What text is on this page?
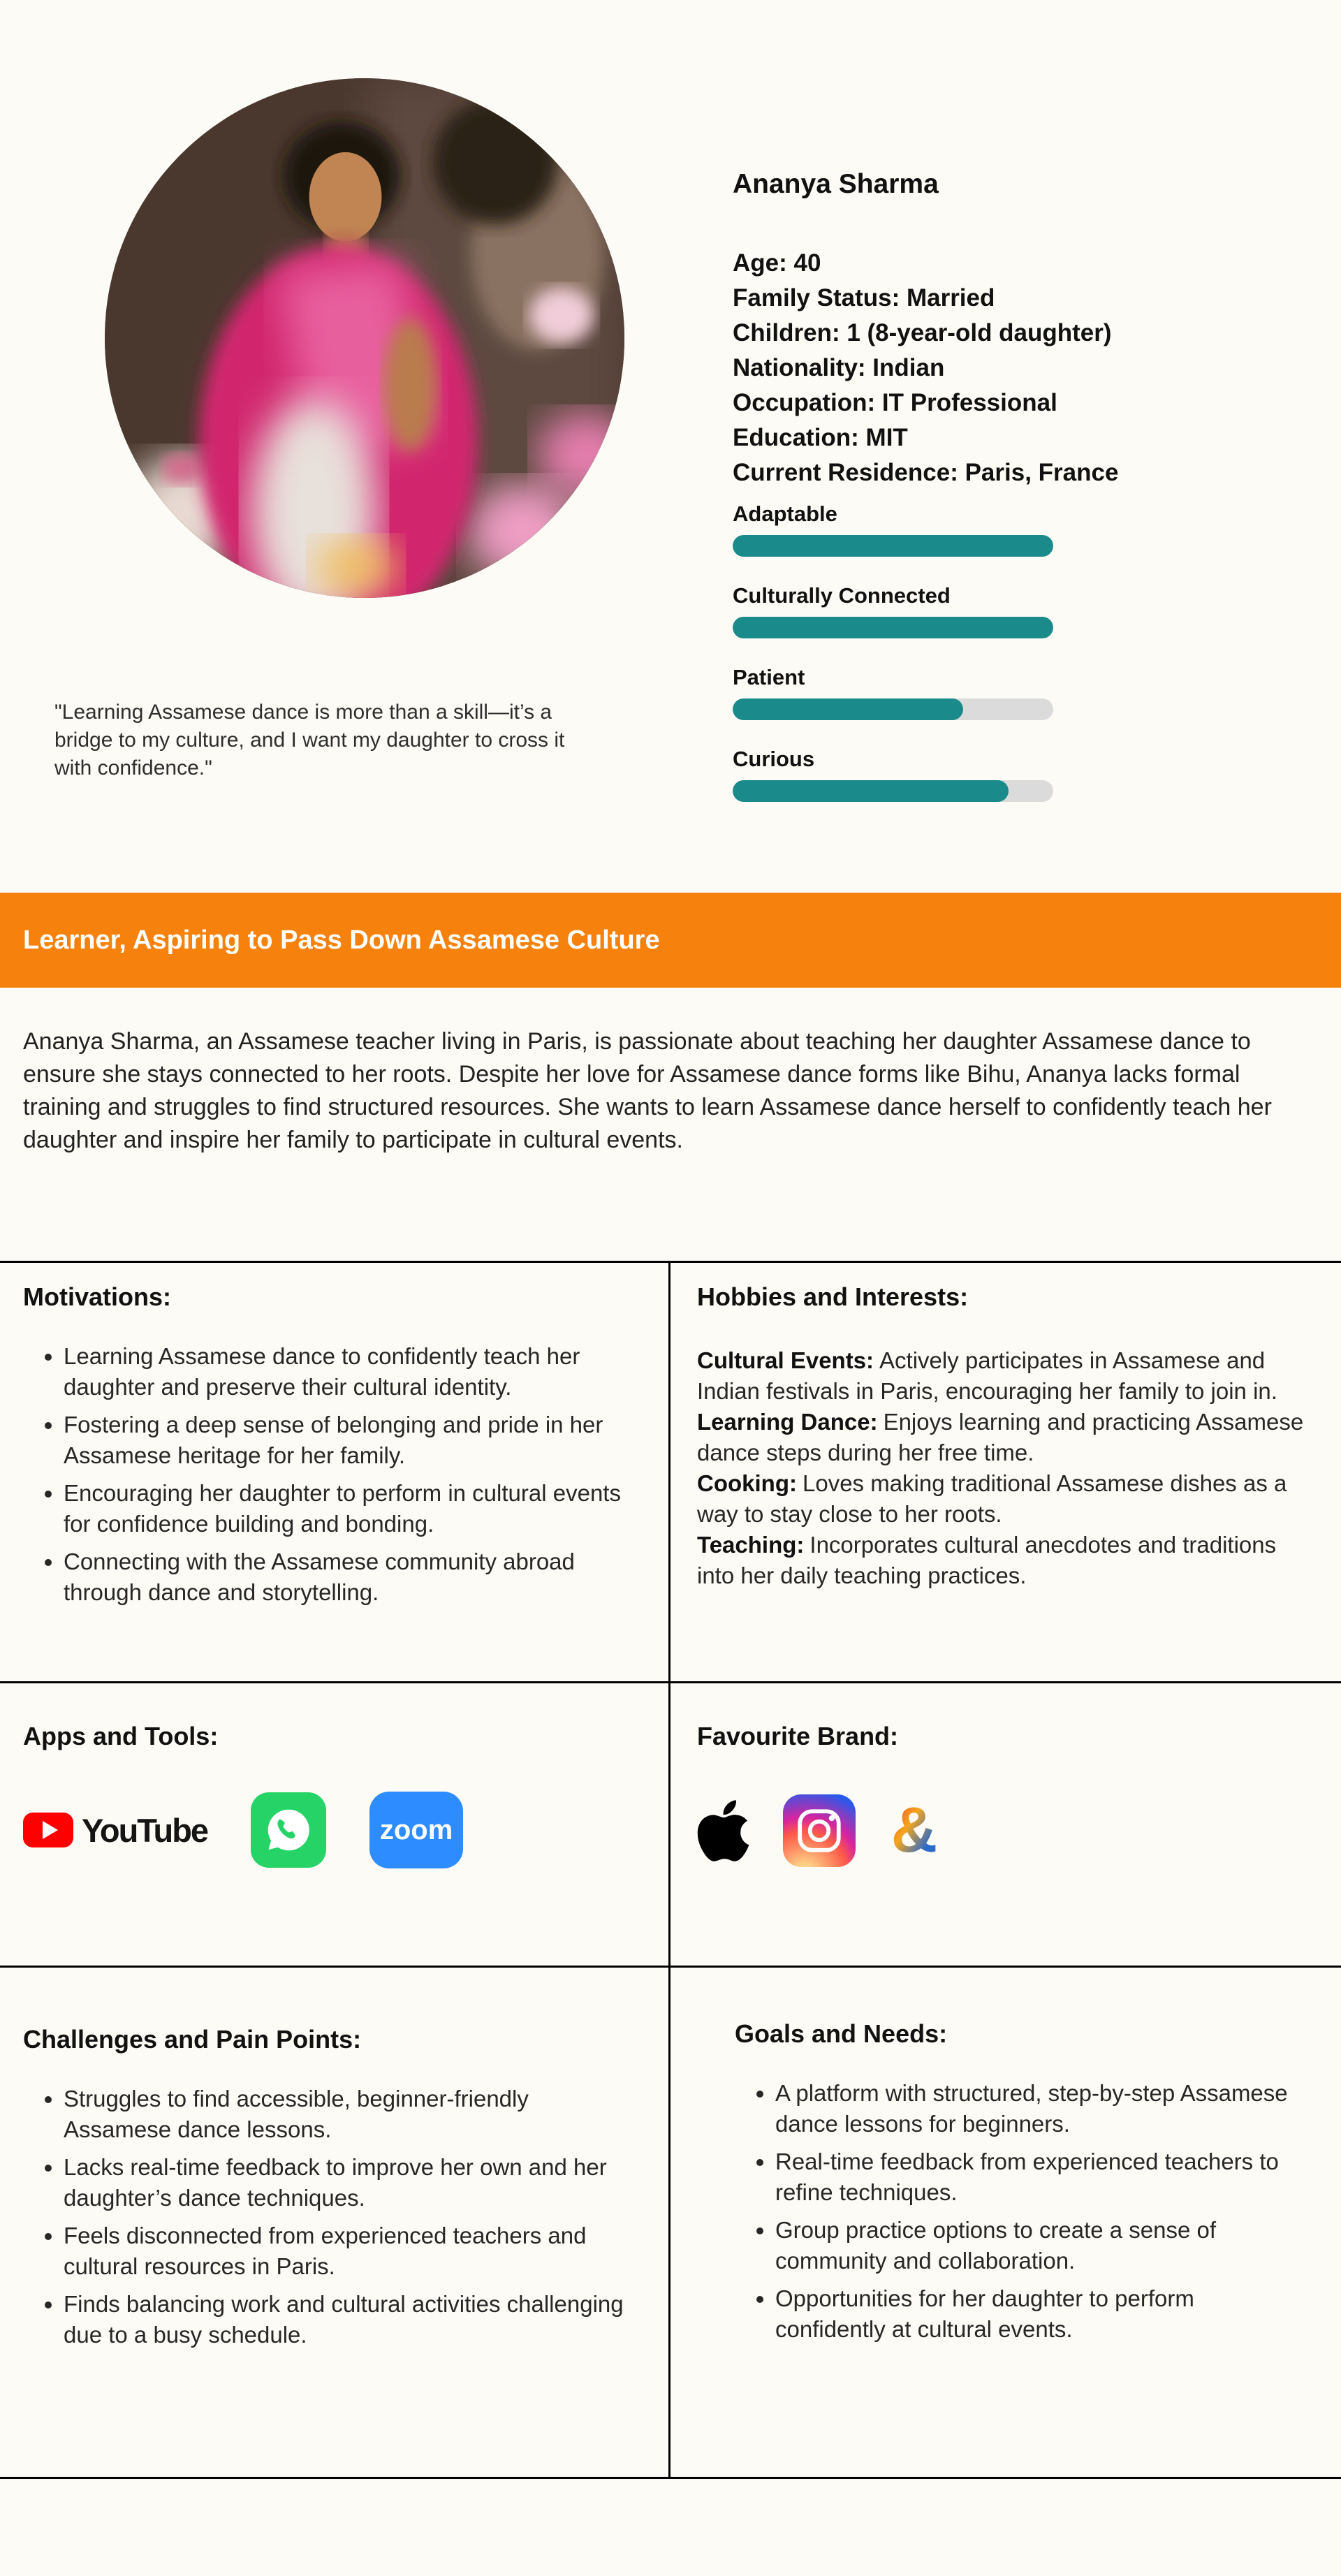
"Learning Assamese dance is more than a skill—it’s a bridge to my culture, and I want my daughter to cross it with confidence."
Ananya Sharma
Age: 40
Family Status: Married
Children: 1 (8-year-old daughter)
Nationality: Indian
Occupation: IT Professional
Education: MIT
Current Residence: Paris, France
Adaptable
Culturally Connected
Patient
Curious
Learner, Aspiring to Pass Down Assamese Culture
Ananya Sharma, an Assamese teacher living in Paris, is passionate about teaching her daughter Assamese dance to ensure she stays connected to her roots. Despite her love for Assamese dance forms like Bihu, Ananya lacks formal training and struggles to find structured resources. She wants to learn Assamese dance herself to confidently teach her daughter and inspire her family to participate in cultural events.
Motivations:
• Learning Assamese dance to confidently teach her daughter and preserve their cultural identity.
• Fostering a deep sense of belonging and pride in her Assamese heritage for her family.
• Encouraging her daughter to perform in cultural events for confidence building and bonding.
• Connecting with the Assamese community abroad through dance and storytelling.
Hobbies and Interests:

Cultural Events: Actively participates in Assamese and Indian festivals in Paris, encouraging her family to join in.

Learning Dance: Enjoys learning and practicing Assamese dance steps during her free time.

Cooking: Loves making traditional Assamese dishes as a way to stay close to her roots.

Teaching: Incorporates cultural anecdotes and traditions into her daily teaching practices.

Apps and Tools:
YouTube	zoom
Favourite Brand:
&
Challenges and Pain Points:
• Struggles to find accessible, beginner-friendly Assamese dance lessons.
• Lacks real-time feedback to improve her own and her daughter’s dance techniques.
• Feels disconnected from experienced teachers and cultural resources in Paris.
• Finds balancing work and cultural activities challenging due to a busy schedule.
Goals and Needs:
• A platform with structured, step-by-step Assamese dance lessons for beginners.
• Real-time feedback from experienced teachers to refine techniques.
• Group practice options to create a sense of community and collaboration.
• Opportunities for her daughter to perform confidently at cultural events.
